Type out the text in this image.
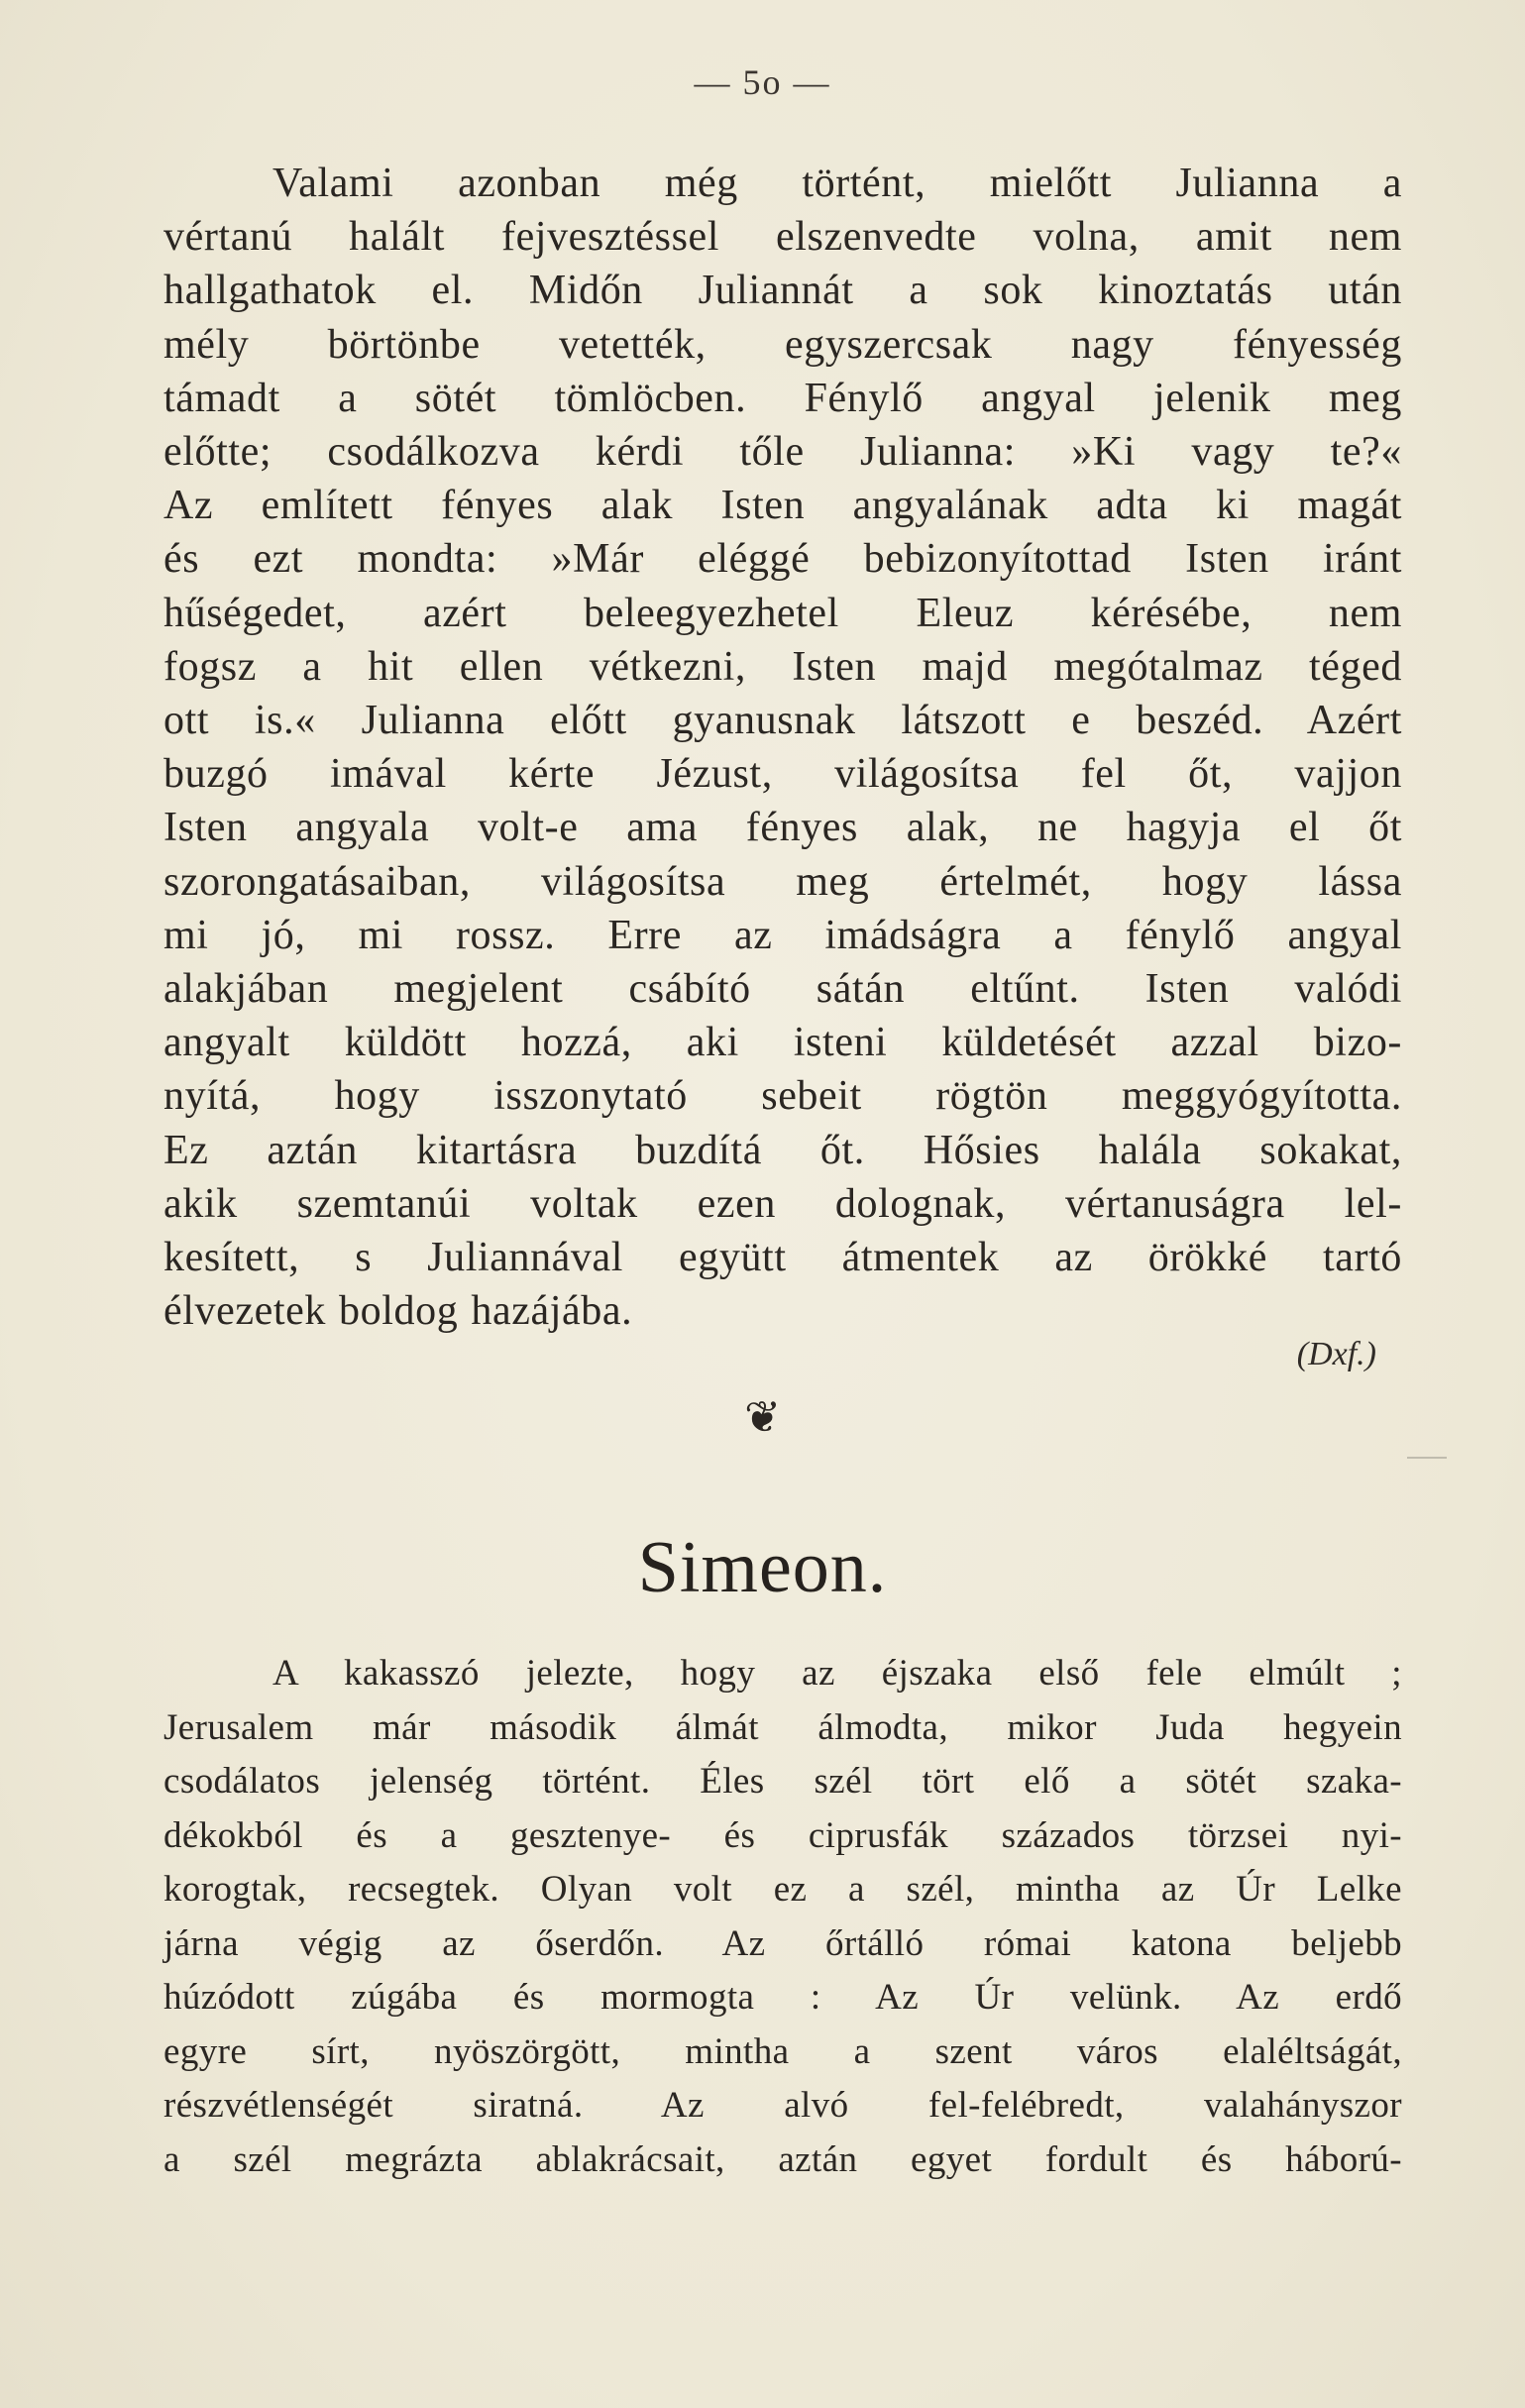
— 5o —
Valami azonban még történt, mielőtt Julianna a
vértanú halált fejvesztéssel elszenvedte volna, amit nem
hallgathatok el. Midőn Juliannát a sok kinoztatás után
mély börtönbe vetették, egyszercsak nagy fényesség
támadt a sötét tömlöcben. Fénylő angyal jelenik meg
előtte; csodálkozva kérdi tőle Julianna: »Ki vagy te?«
Az említett fényes alak Isten angyalának adta ki magát
és ezt mondta: »Már eléggé bebizonyítottad Isten iránt
hűségedet, azért beleegyezhetel Eleuz kérésébe, nem
fogsz a hit ellen vétkezni, Isten majd megótalmaz téged
ott is.« Julianna előtt gyanusnak látszott e beszéd. Azért
buzgó imával kérte Jézust, világosítsa fel őt, vajjon
Isten angyala volt-e ama fényes alak, ne hagyja el őt
szorongatásaiban, világosítsa meg értelmét, hogy lássa
mi jó, mi rossz. Erre az imádságra a fénylő angyal
alakjában megjelent csábító sátán eltűnt. Isten valódi
angyalt küldött hozzá, aki isteni küldetését azzal bizo-
nyítá, hogy isszonytató sebeit rögtön meggyógyította.
Ez aztán kitartásra buzdítá őt. Hősies halála sokakat,
akik szemtanúi voltak ezen dolognak, vértanuságra lel-
kesített, s Juliannával együtt átmentek az örökké tartó
élvezetek boldog hazájába.
(Dxf.)
❦
Simeon.
A kakasszó jelezte, hogy az éjszaka első fele elmúlt ;
Jerusalem már második álmát álmodta, mikor Juda hegyein
csodálatos jelenség történt. Éles szél tört elő a sötét szaka-
dékokból és a gesztenye- és ciprusfák százados törzsei nyi-
korogtak, recsegtek. Olyan volt ez a szél, mintha az Úr Lelke
járna végig az őserdőn. Az őrtálló római katona beljebb
húzódott zúgába és mormogta : Az Úr velünk. Az erdő
egyre sírt, nyöszörgött, mintha a szent város elaléltságát,
részvétlenségét siratná. Az alvó fel-felébredt, valahányszor
a szél megrázta ablakrácsait, aztán egyet fordult és háború-
